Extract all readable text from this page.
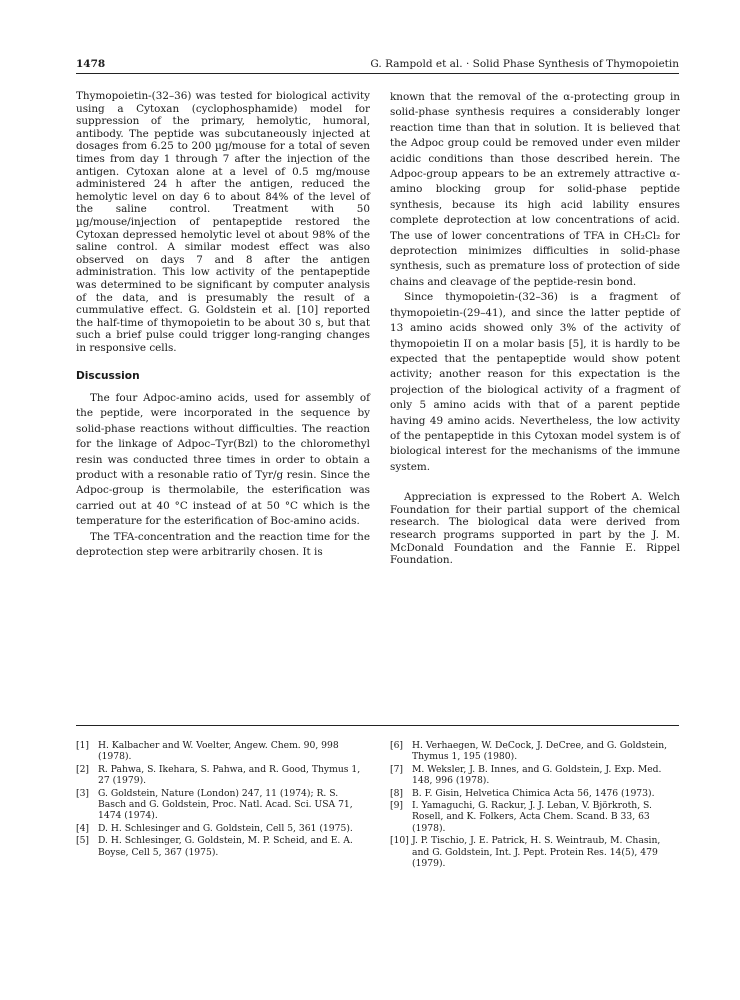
1478	G. Rampold et al. · Solid Phase Synthesis of Thymopoietin

Thymopoietin-(32–36) was tested for biological activity using a Cytoxan (cyclophosphamide) model for suppression of the primary, hemolytic, humoral, antibody. The peptide was subcutaneously injected at dosages from 6.25 to 200 µg/mouse for a total of seven times from day 1 through 7 after the injection of the antigen. Cytoxan alone at a level of 0.5 mg/mouse administered 24 h after the antigen, reduced the hemolytic level on day 6 to about 84% of the level of the saline control. Treatment with 50 µg/mouse/injection of pentapeptide restored the Cytoxan depressed hemolytic level ot about 98% of the saline control. A similar modest effect was also observed on days 7 and 8 after the antigen administration. This low activity of the pentapeptide was determined to be significant by computer analysis of the data, and is presumably the result of a cummulative effect. G. Goldstein et al. [10] reported the half-time of thymopoietin to be about 30 s, but that such a brief pulse could trigger long-ranging changes in responsive cells.

Discussion

The four Adpoc-amino acids, used for assembly of the peptide, were incorporated in the sequence by solid-phase reactions without difficulties. The reaction for the linkage of Adpoc–Tyr(Bzl) to the chloromethyl resin was conducted three times in order to obtain a product with a resonable ratio of Tyr/g resin. Since the Adpoc-group is thermolabile, the esterification was carried out at 40 °C instead of at 50 °C which is the temperature for the esterification of Boc-amino acids.

The TFA-concentration and the reaction time for the deprotection step were arbitrarily chosen. It is

known that the removal of the α-protecting group in solid-phase synthesis requires a considerably longer reaction time than that in solution. It is believed that the Adpoc group could be removed under even milder acidic conditions than those described herein. The Adpoc-group appears to be an extremely attractive α-amino blocking group for solid-phase peptide synthesis, because its high acid lability ensures complete deprotection at low concentrations of acid. The use of lower concentrations of TFA in CH₂Cl₂ for deprotection minimizes difficulties in solid-phase synthesis, such as premature loss of protection of side chains and cleavage of the peptide-resin bond.

Since thymopoietin-(32–36) is a fragment of thymopoietin-(29–41), and since the latter peptide of 13 amino acids showed only 3% of the activity of thymopoietin II on a molar basis [5], it is hardly to be expected that the pentapeptide would show potent activity; another reason for this expectation is the projection of the biological activity of a fragment of only 5 amino acids with that of a parent peptide having 49 amino acids. Nevertheless, the low activity of the pentapeptide in this Cytoxan model system is of biological interest for the mechanisms of the immune system.

Appreciation is expressed to the Robert A. Welch Foundation for their partial support of the chemical research. The biological data were derived from research programs supported in part by the J. M. McDonald Foundation and the Fannie E. Rippel Foundation.

[1] H. Kalbacher and W. Voelter, Angew. Chem. 90, 998 (1978).
[2] R. Pahwa, S. Ikehara, S. Pahwa, and R. Good, Thymus 1, 27 (1979).
[3] G. Goldstein, Nature (London) 247, 11 (1974); R. S. Basch and G. Goldstein, Proc. Natl. Acad. Sci. USA 71, 1474 (1974).
[4] D. H. Schlesinger and G. Goldstein, Cell 5, 361 (1975).
[5] D. H. Schlesinger, G. Goldstein, M. P. Scheid, and E. A. Boyse, Cell 5, 367 (1975).
[6] H. Verhaegen, W. DeCock, J. DeCree, and G. Goldstein, Thymus 1, 195 (1980).
[7] M. Weksler, J. B. Innes, and G. Goldstein, J. Exp. Med. 148, 996 (1978).
[8] B. F. Gisin, Helvetica Chimica Acta 56, 1476 (1973).
[9] I. Yamaguchi, G. Rackur, J. J. Leban, V. Björkroth, S. Rosell, and K. Folkers, Acta Chem. Scand. B 33, 63 (1978).
[10] J. P. Tischio, J. E. Patrick, H. S. Weintraub, M. Chasin, and G. Goldstein, Int. J. Pept. Protein Res. 14(5), 479 (1979).
